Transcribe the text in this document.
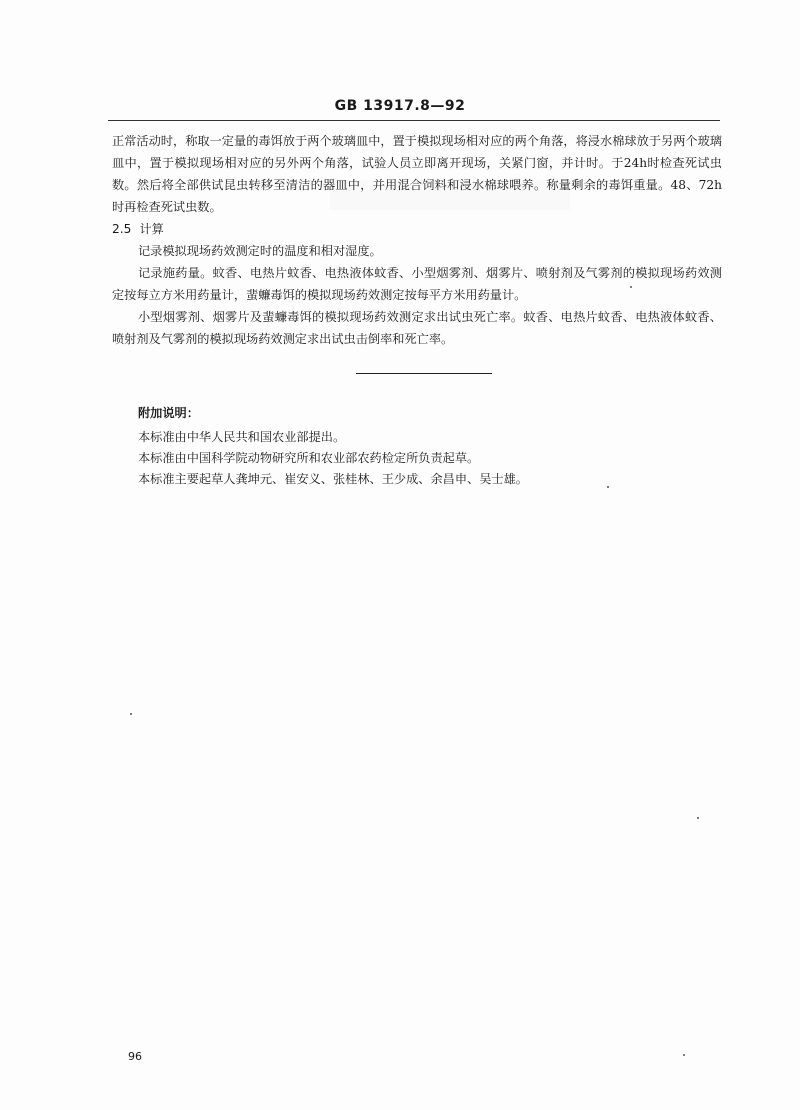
GB 13917.8—92

正常活动时，称取一定量的毒饵放于两个玻璃皿中，置于模拟现场相对应的两个角落，将浸水棉球放于另两个玻璃皿中，置于模拟现场相对应的另外两个角落，试验人员立即离开现场，关紧门窗，并计时。于24h时检查死试虫数。然后将全部供试昆虫转移至清洁的器皿中，并用混合饲料和浸水棉球喂养。称量剩余的毒饵重量。48、72h时再检查死试虫数。

2.5 计算

记录模拟现场药效测定时的温度和相对湿度。

记录施药量。蚊香、电热片蚊香、电热液体蚊香、小型烟雾剂、烟雾片、喷射剂及气雾剂的模拟现场药效测定按每立方米用药量计，蜚蠊毒饵的模拟现场药效测定按每平方米用药量计。

小型烟雾剂、烟雾片及蜚蠊毒饵的模拟现场药效测定求出试虫死亡率。蚊香、电热片蚊香、电热液体蚊香、喷射剂及气雾剂的模拟现场药效测定求出试虫击倒率和死亡率。

附加说明：

本标准由中华人民共和国农业部提出。

本标准由中国科学院动物研究所和农业部农药检定所负责起草。

本标准主要起草人龚坤元、崔安义、张桂林、王少成、余昌申、吴士雄。

96
